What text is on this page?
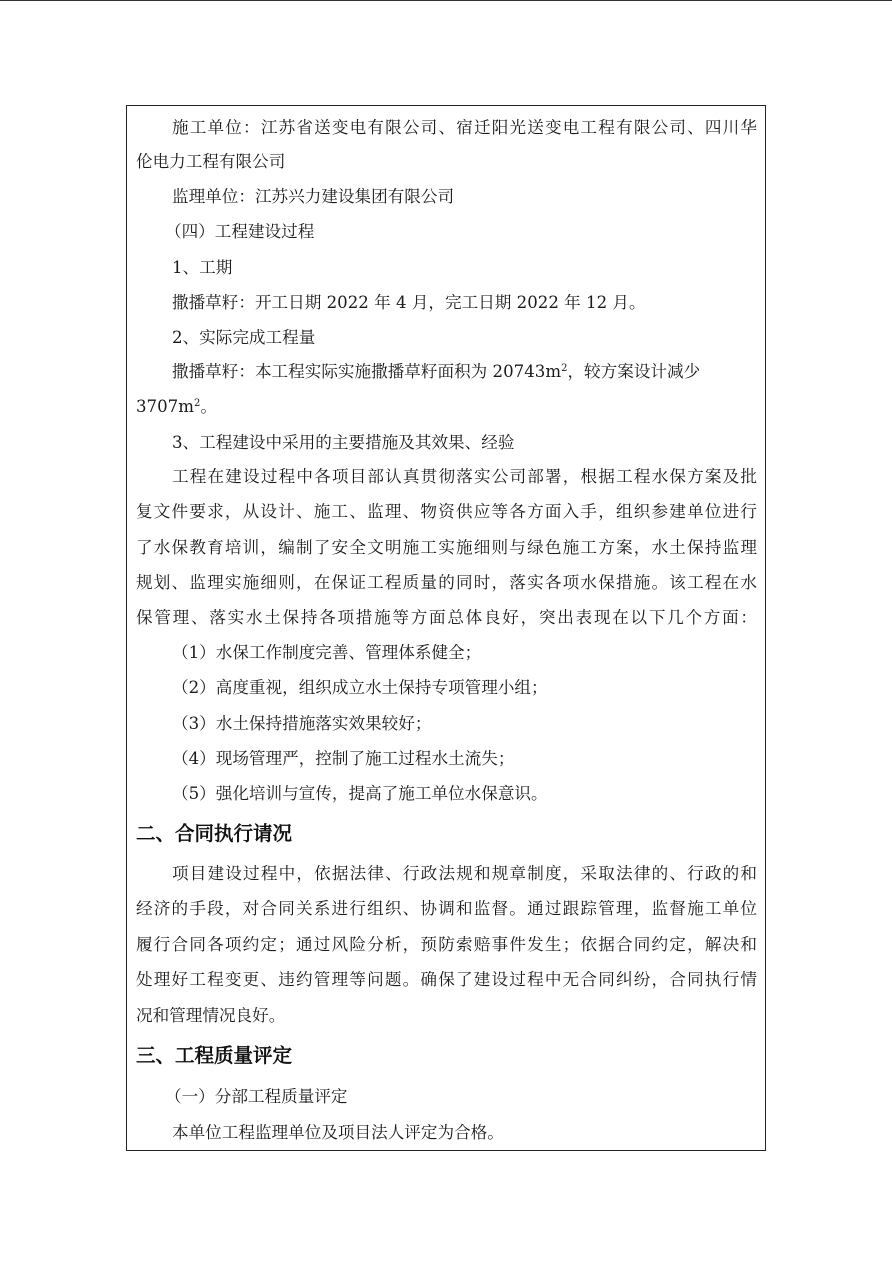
施工单位：江苏省送变电有限公司、宿迁阳光送变电工程有限公司、四川华
伦电力工程有限公司
监理单位：江苏兴力建设集团有限公司
（四）工程建设过程
1、工期
撒播草籽：开工日期 2022 年 4 月，完工日期 2022 年 12 月。
2、实际完成工程量
撒播草籽：本工程实际实施撒播草籽面积为 $20743m^2$，较方案设计减少
$3707m^2$。
3、工程建设中采用的主要措施及其效果、经验
工程在建设过程中各项目部认真贯彻落实公司部署，根据工程水保方案及批
复文件要求，从设计、施工、监理、物资供应等各方面入手，组织参建单位进行
了水保教育培训，编制了安全文明施工实施细则与绿色施工方案，水土保持监理
规划、监理实施细则，在保证工程质量的同时，落实各项水保措施。该工程在水
保管理、落实水土保持各项措施等方面总体良好，突出表现在以下几个方面：
（1）水保工作制度完善、管理体系健全；
（2）高度重视，组织成立水土保持专项管理小组；
（3）水土保持措施落实效果较好；
（4）现场管理严，控制了施工过程水土流失；
（5）强化培训与宣传，提高了施工单位水保意识。
二、合同执行请况
项目建设过程中，依据法律、行政法规和规章制度，采取法律的、行政的和
经济的手段，对合同关系进行组织、协调和监督。通过跟踪管理，监督施工单位
履行合同各项约定；通过风险分析，预防索赔事件发生；依据合同约定，解决和
处理好工程变更、违约管理等问题。确保了建设过程中无合同纠纷，合同执行情
况和管理情况良好。
三、工程质量评定
（一）分部工程质量评定
本单位工程监理单位及项目法人评定为合格。
